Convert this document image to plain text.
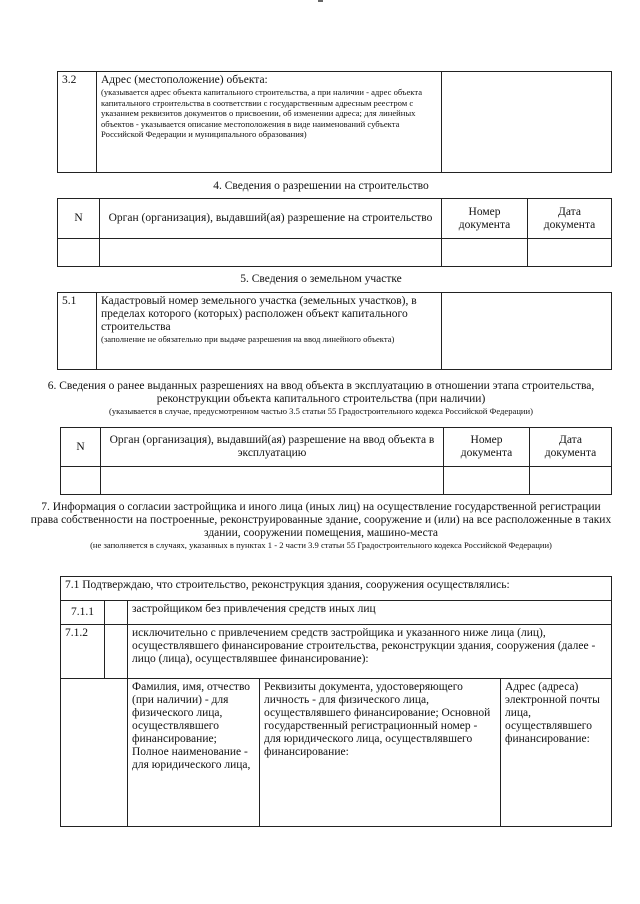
3.2	Адрес (местоположение) объекта:
(указывается адрес объекта капитального строительства, а при наличии - адрес объекта капитального строительства в соответствии с государственным адресным реестром с указанием реквизитов документов о присвоении, об изменении адреса; для линейных объектов - указывается описание местоположения в виде наименований субъекта Российской Федерации и муниципального образования)

4. Сведения о разрешении на строительство
N	Орган (организация), выдавший(ая) разрешение на строительство	Номер документа	Дата документа

5. Сведения о земельном участке
5.1	Кадастровый номер земельного участка (земельных участков), в пределах которого (которых) расположен объект капитального строительства
(заполнение не обязательно при выдаче разрешения на ввод линейного объекта)

6. Сведения о ранее выданных разрешениях на ввод объекта в эксплуатацию в отношении этапа строительства, реконструкции объекта капитального строительства (при наличии)
(указывается в случае, предусмотренном частью 3.5 статьи 55 Градостроительного кодекса Российской Федерации)
N	Орган (организация), выдавший(ая) разрешение на ввод объекта в эксплуатацию	Номер документа	Дата документа

7. Информация о согласии застройщика и иного лица (иных лиц) на осуществление государственной регистрации права собственности на построенные, реконструированные здание, сооружение и (или) на все расположенные в таких здании, сооружении помещения, машино-места
(не заполняется в случаях, указанных в пунктах 1 - 2 части 3.9 статьи 55 Градостроительного кодекса Российской Федерации)
7.1 Подтверждаю, что строительство, реконструкция здания, сооружения осуществлялись:				
7.1.1		застройщиком без привлечения средств иных лиц		
7.1.2		исключительно с привлечением средств застройщика и указанного ниже лица (лиц), осуществлявшего финансирование строительства, реконструкции здания, сооружения (далее - лицо (лица), осуществлявшее финансирование):		
		Фамилия, имя, отчество (при наличии) - для физического лица, осуществлявшего финансирование; Полное наименование - для юридического лица,	Реквизиты документа, удостоверяющего личность - для физического лица, осуществлявшего финансирование; Основной государственный регистрационный номер - для юридического лица, осуществлявшего финансирование:	Адрес (адреса) электронной почты лица, осуществлявшего финансирование:
